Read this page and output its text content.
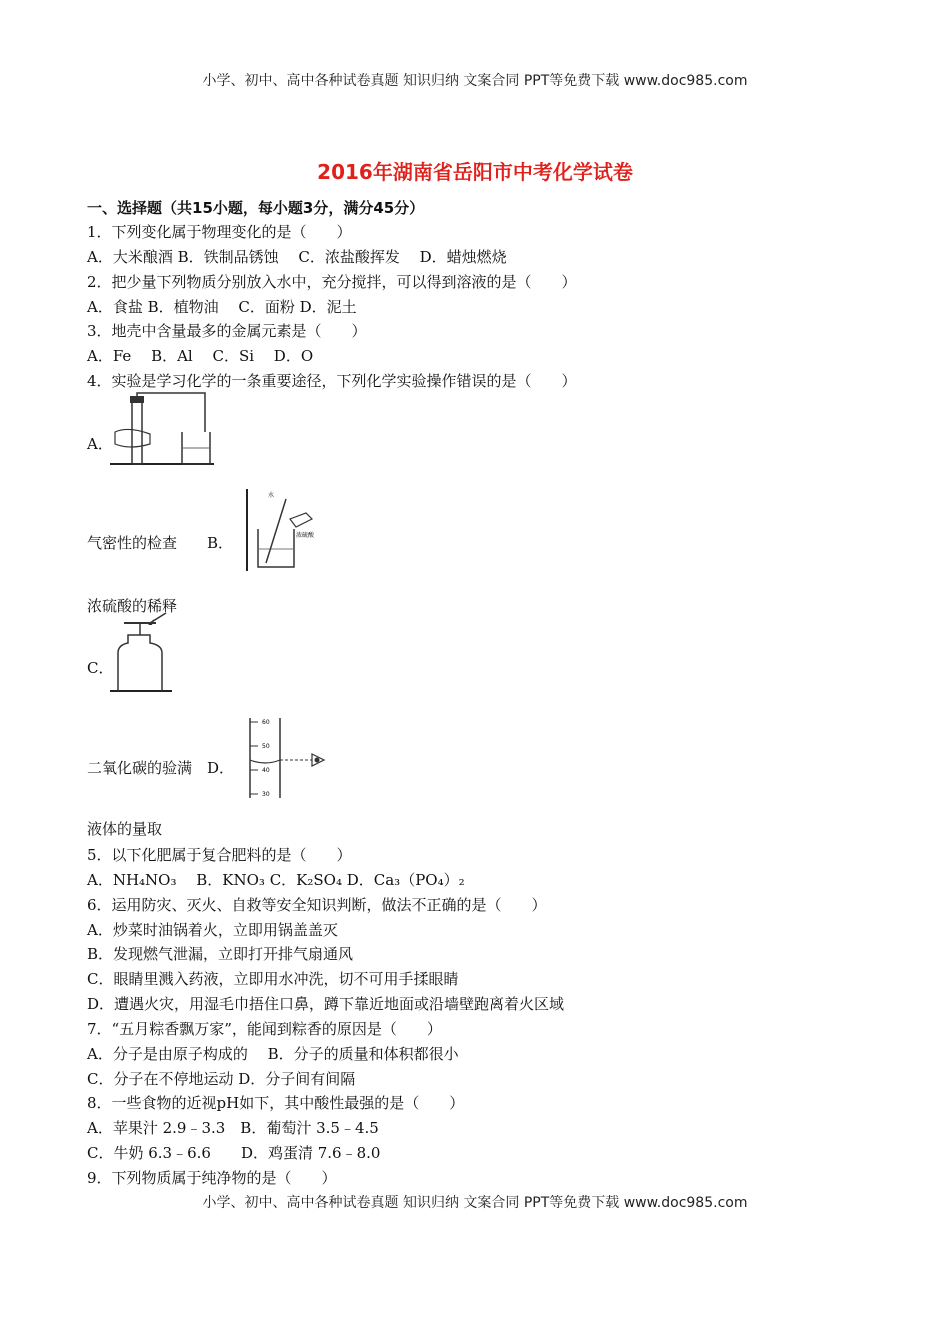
小学、初中、高中各种试卷真题 知识归纳 文案合同 PPT等免费下载 www.doc985.com
2016年湖南省岳阳市中考化学试卷
一、选择题（共15小题，每小题3分，满分45分）
1．下列变化属于物理变化的是（　　）
A．大米酿酒 B．铁制品锈蚀　 C．浓盐酸挥发　 D．蜡烛燃烧
2．把少量下列物质分别放入水中，充分搅拌，可以得到溶液的是（　　）
A．食盐 B．植物油　 C．面粉 D．泥土
3．地壳中含量最多的金属元素是（　　）
A．Fe　 B．Al　 C．Si　 D．O
4．实验是学习化学的一条重要途径，下列化学实验操作错误的是（　　）
A．
气密性的检查　　B．
水
浓硫酸
浓硫酸的稀释
C．
二氧化碳的验满　D．
60
50
40
30
液体的量取
5．以下化肥属于复合肥料的是（　　）
A．NH₄NO₃　 B．KNO₃ C．K₂SO₄ D．Ca₃（PO₄）₂
6．运用防灾、灭火、自救等安全知识判断，做法不正确的是（　　）
A．炒菜时油锅着火，立即用锅盖盖灭
B．发现燃气泄漏，立即打开排气扇通风
C．眼睛里溅入药液，立即用水冲洗，切不可用手揉眼睛
D．遭遇火灾，用湿毛巾捂住口鼻，蹲下靠近地面或沿墙壁跑离着火区域
7．“五月粽香飘万家”，能闻到粽香的原因是（　　）
A．分子是由原子构成的　 B．分子的质量和体积都很小
C．分子在不停地运动 D．分子间有间隔
8．一些食物的近视pH如下，其中酸性最强的是（　　）
A．苹果汁 2.9﹣3.3　B．葡萄汁 3.5﹣4.5
C．牛奶 6.3﹣6.6　　D．鸡蛋清 7.6﹣8.0
9．下列物质属于纯净物的是（　　）
小学、初中、高中各种试卷真题 知识归纳 文案合同 PPT等免费下载 www.doc985.com
